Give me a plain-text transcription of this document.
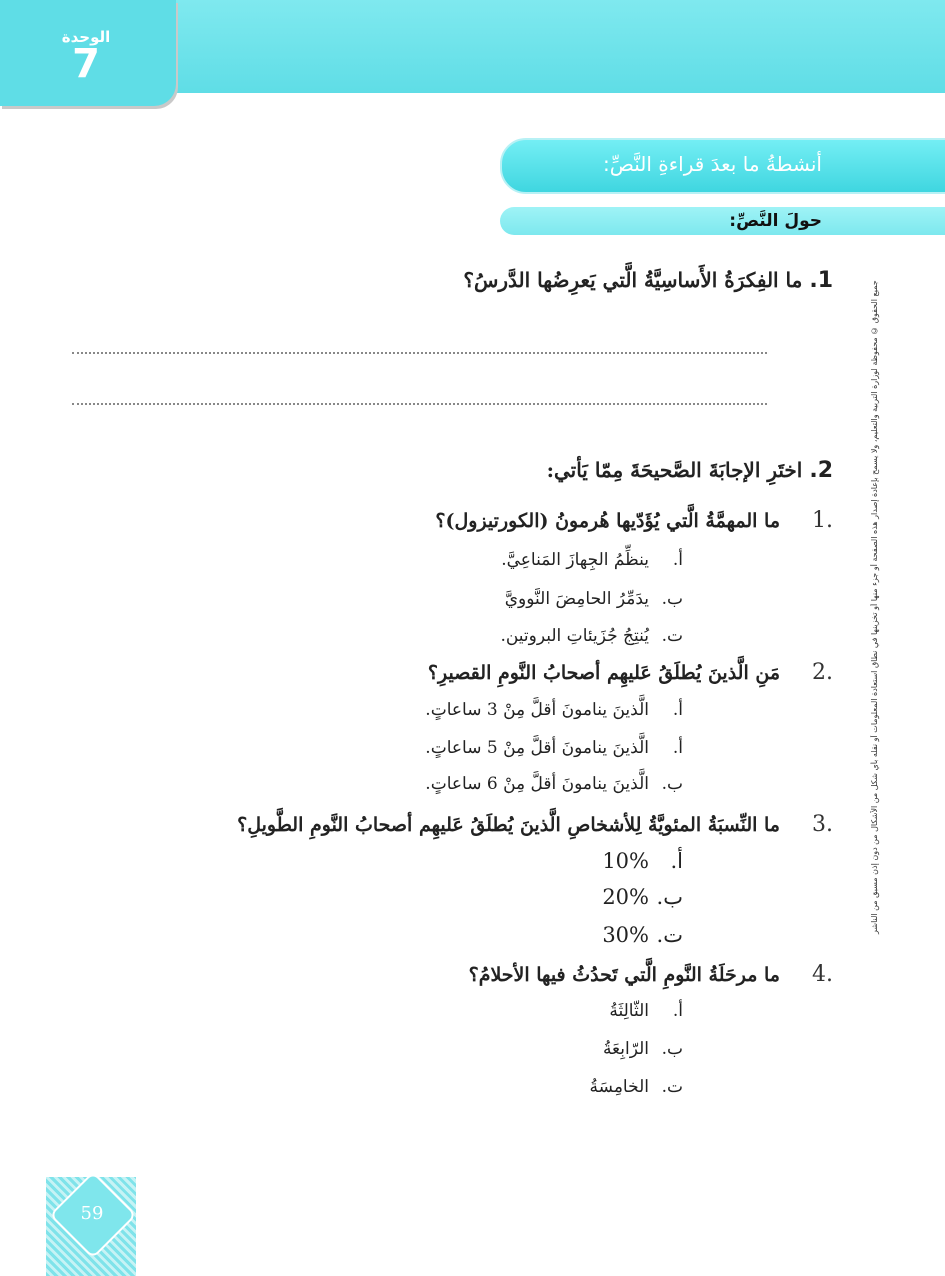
الوحدة
7
أنشطةُ ما بعدَ قراءةِ النَّصِّ:
حولَ النَّصِّ:
1. ما الفِكرَةُ الأَساسِيَّةُ الَّتي يَعرِضُها الدَّرسُ؟
2. اختَرِ الإجابَةَ الصَّحيحَةَ مِمّا يَأتي:
1.
ما المهمَّةُ الَّتي يُؤَدّيها هُرمونُ (الكورتيزول)؟
أ.ينظِّمُ الجِهازَ المَناعِيَّ.
ب.يدَمِّرُ الحامِضَ النَّوويَّ
ت.يُنتِجُ جُزَيئاتِ البروتين.
2.
مَنِ الَّذينَ يُطلَقُ عَليهِم أصحابُ النَّومِ القصيرِ؟
أ.الَّذينَ ينامونَ أقلَّ مِنْ 3 ساعاتٍ.
أ.الَّذينَ ينامونَ أقلَّ مِنْ 5 ساعاتٍ.
ب.الَّذينَ ينامونَ أقلَّ مِنْ 6 ساعاتٍ.
3.
ما النِّسبَةُ المئويَّةُ لِلأشخاصِ الَّذينَ يُطلَقُ عَليهِم أصحابُ النَّومِ الطَّويلِ؟
أ.10%
ب.20%
ت.30%
4.
ما مرحَلَةُ النَّومِ الَّتي تَحدُثُ فيها الأحلامُ؟
أ.الثّالِثَةُ
ب.الرّابِعَةُ
ت.الخامِسَةُ
جميع الحقوق © محفوظة لوزارة التربية والتعليم، ولا يسمح بإعادة إصدار هذه الصفحة أو جزء منها أو تخزينها في نطاق استعادة المعلومات أو نقله بأي شكل من الأشكال من دون إذن مسبق من الناشر
59
